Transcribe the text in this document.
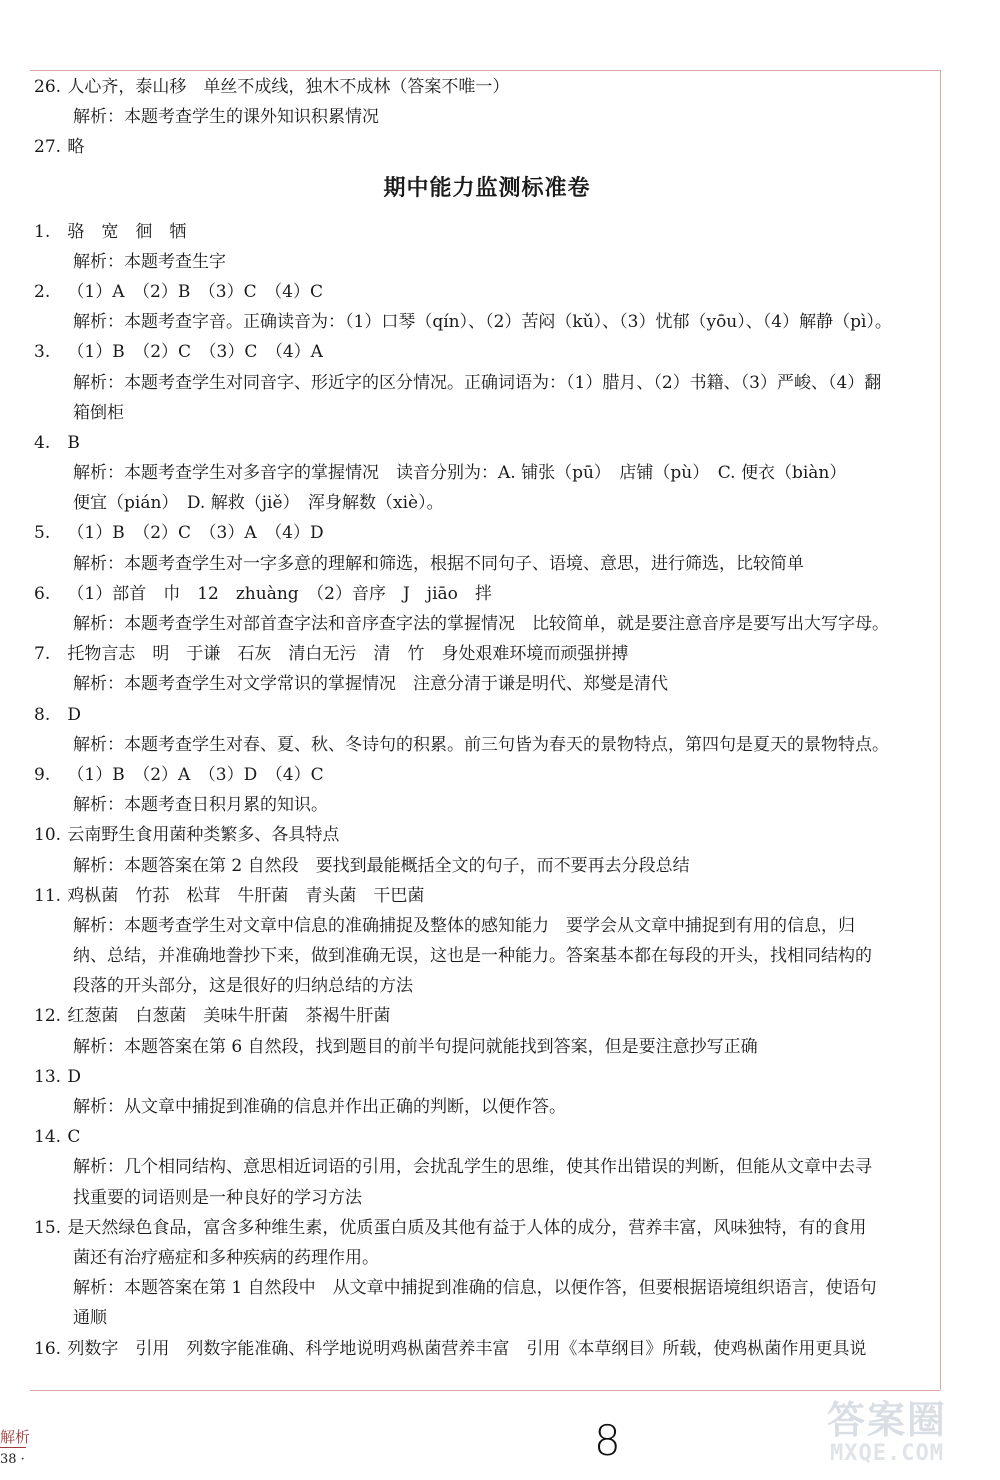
26. 人心齐，泰山移　单丝不成线，独木不成林（答案不唯一）
解析：本题考查学生的课外知识积累情况
27. 略
期中能力监测标准卷
1. 骆　宽　徊　牺
解析：本题考查生字
2. （1）A　（2）B　（3）C　（4）C
解析：本题考查字音。正确读音为：（1）口琴（qín）、（2）苦闷（kǔ）、（3）忧郁（yōu）、（4）解静（pì）。
3. （1）B　（2）C　（3）C　（4）A
解析：本题考查学生对同音字、形近字的区分情况。正确词语为：（1）腊月、（2）书籍、（3）严峻、（4）翻
箱倒柜
4. B
解析：本题考查学生对多音字的掌握情况　读音分别为：A. 铺张（pū）　店铺（pù）　C. 便衣（biàn）
便宜（pián）　D. 解救（jiě）　浑身解数（xiè）。
5. （1）B　（2）C　（3）A　（4）D
解析：本题考查学生对一字多意的理解和筛选，根据不同句子、语境、意思，进行筛选，比较简单
6. （1）部首　巾　12　zhuàng　（2）音序　J　jiāo　拌
解析：本题考查学生对部首查字法和音序查字法的掌握情况　比较简单，就是要注意音序是要写出大写字母。
7. 托物言志　明　于谦　石灰　清白无污　清　竹　身处艰难环境而顽强拼搏
解析：本题考查学生对文学常识的掌握情况　注意分清于谦是明代、郑燮是清代
8. D
解析：本题考查学生对春、夏、秋、冬诗句的积累。前三句皆为春天的景物特点，第四句是夏天的景物特点。
9. （1）B　（2）A　（3）D　（4）C
解析：本题考查日积月累的知识。
10. 云南野生食用菌种类繁多、各具特点
解析：本题答案在第 2 自然段　要找到最能概括全文的句子，而不要再去分段总结
11. 鸡枞菌　竹荪　松茸　牛肝菌　青头菌　干巴菌
解析：本题考查学生对文章中信息的准确捕捉及整体的感知能力　要学会从文章中捕捉到有用的信息，归
纳、总结，并准确地誊抄下来，做到准确无误，这也是一种能力。答案基本都在每段的开头，找相同结构的
段落的开头部分，这是很好的归纳总结的方法
12. 红葱菌　白葱菌　美味牛肝菌　茶褐牛肝菌
解析：本题答案在第 6 自然段，找到题目的前半句提问就能找到答案，但是要注意抄写正确
13. D
解析：从文章中捕捉到准确的信息并作出正确的判断，以便作答。
14. C
解析：几个相同结构、意思相近词语的引用，会扰乱学生的思维，使其作出错误的判断，但能从文章中去寻
找重要的词语则是一种良好的学习方法
15. 是天然绿色食品，富含多种维生素，优质蛋白质及其他有益于人体的成分，营养丰富，风味独特，有的食用
菌还有治疗癌症和多种疾病的药理作用。
解析：本题答案在第 1 自然段中　从文章中捕捉到准确的信息，以便作答，但要根据语境组织语言，使语句
通顺
16. 列数字　引用　列数字能准确、科学地说明鸡枞菌营养丰富　引用《本草纲目》所载，使鸡枞菌作用更具说
解析
38 ·	8	答案圈
MXQE.COM
